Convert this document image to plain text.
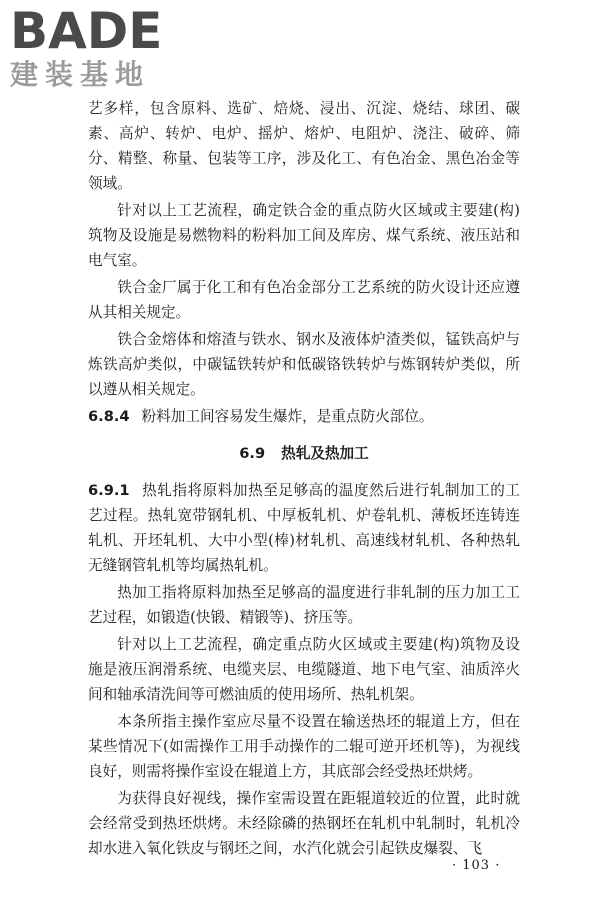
BADE
建装基地

艺多样，包含原料、选矿、焙烧、浸出、沉淀、烧结、球团、碳素、高炉、转炉、电炉、摇炉、熔炉、电阻炉、浇注、破碎、筛分、精整、称量、包装等工序，涉及化工、有色冶金、黑色冶金等领域。

针对以上工艺流程，确定铁合金的重点防火区域或主要建(构)筑物及设施是易燃物料的粉料加工间及库房、煤气系统、液压站和电气室。

铁合金厂属于化工和有色冶金部分工艺系统的防火设计还应遵从其相关规定。

铁合金熔体和熔渣与铁水、钢水及液体炉渣类似，锰铁高炉与炼铁高炉类似，中碳锰铁转炉和低碳铬铁转炉与炼钢转炉类似，所以遵从相关规定。

6.8.4 粉料加工间容易发生爆炸，是重点防火部位。

6.9 热轧及热加工

6.9.1 热轧指将原料加热至足够高的温度然后进行轧制加工的工艺过程。热轧宽带钢轧机、中厚板轧机、炉卷轧机、薄板坯连铸连轧机、开坯轧机、大中小型(棒)材轧机、高速线材轧机、各种热轧无缝钢管轧机等均属热轧机。

热加工指将原料加热至足够高的温度进行非轧制的压力加工工艺过程，如锻造(快锻、精锻等)、挤压等。

针对以上工艺流程，确定重点防火区域或主要建(构)筑物及设施是液压润滑系统、电缆夹层、电缆隧道、地下电气室、油质淬火间和轴承清洗间等可燃油质的使用场所、热轧机架。

本条所指主操作室应尽量不设置在输送热坯的辊道上方，但在某些情况下(如需操作工用手动操作的二辊可逆开坯机等)，为视线良好，则需将操作室设在辊道上方，其底部会经受热坯烘烤。

为获得良好视线，操作室需设置在距辊道较近的位置，此时就会经常受到热坯烘烤。未经除磷的热钢坯在轧机中轧制时，轧机冷却水进入氧化铁皮与钢坯之间，水汽化就会引起铁皮爆裂、飞

· 103 ·
